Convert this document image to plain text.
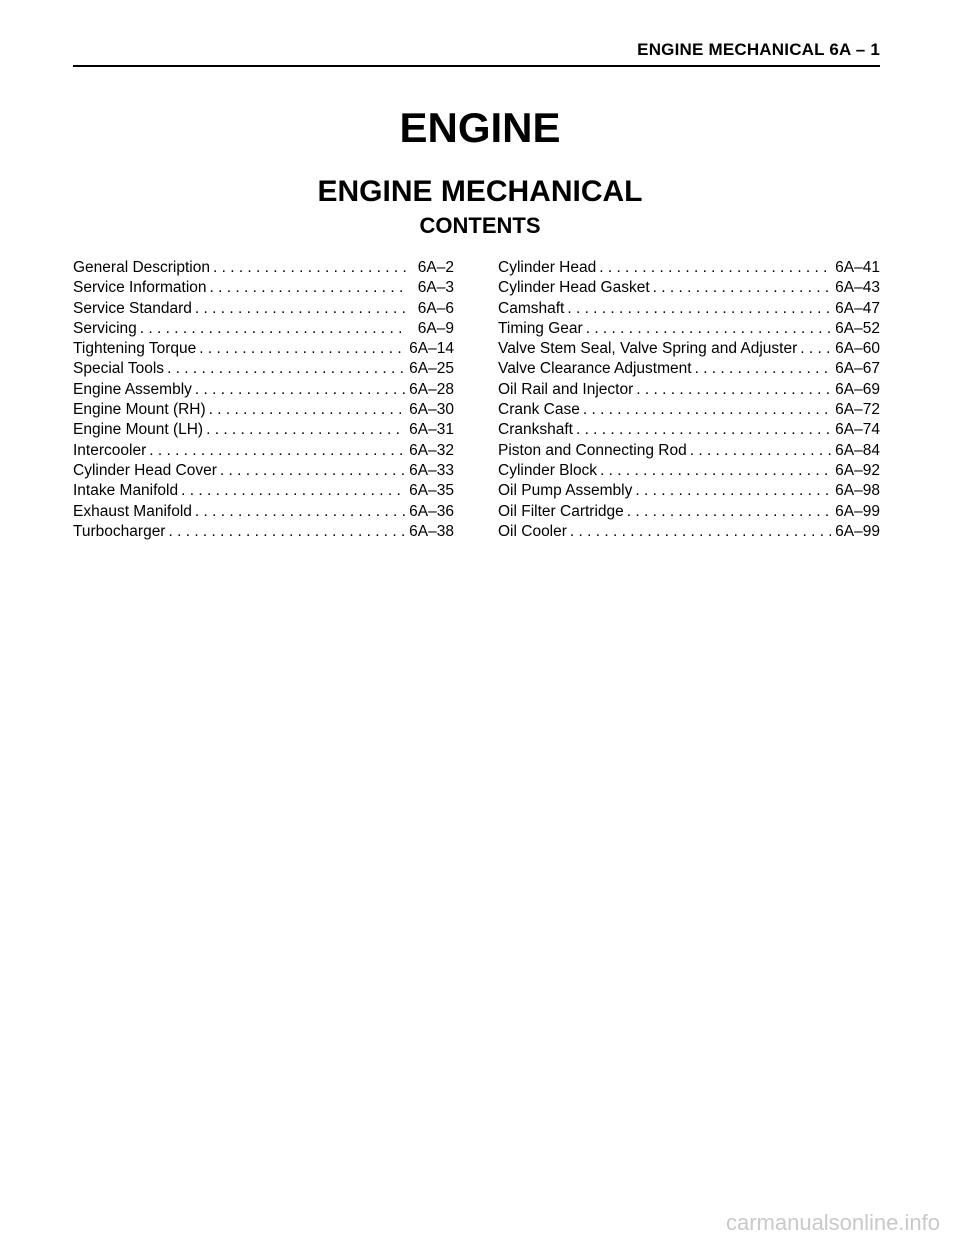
ENGINE MECHANICAL 6A – 1
ENGINE
ENGINE MECHANICAL
CONTENTS
General Description . . .	6A–2
Service Information . . .	6A–3
Service Standard . . .	6A–6
Servicing . . .	6A–9
Tightening Torque . . .	6A–14
Special Tools . . .	6A–25
Engine Assembly . . .	6A–28
Engine Mount (RH) . . .	6A–30
Engine Mount (LH) . . .	6A–31
Intercooler . . .	6A–32
Cylinder Head Cover . . .	6A–33
Intake Manifold . . .	6A–35
Exhaust Manifold . . .	6A–36
Turbocharger . . .	6A–38
Cylinder Head . . .	6A–41
Cylinder Head Gasket . . .	6A–43
Camshaft . . .	6A–47
Timing Gear . . .	6A–52
Valve Stem Seal, Valve Spring and Adjuster . . . 6A–60
Valve Clearance Adjustment . . .	6A–67
Oil Rail and Injector . . .	6A–69
Crank Case . . .	6A–72
Crankshaft . . .	6A–74
Piston and Connecting Rod . . .	6A–84
Cylinder Block . . .	6A–92
Oil Pump Assembly . . .	6A–98
Oil Filter Cartridge . . .	6A–99
Oil Cooler . . .	6A–99
carmanualsonline.info
